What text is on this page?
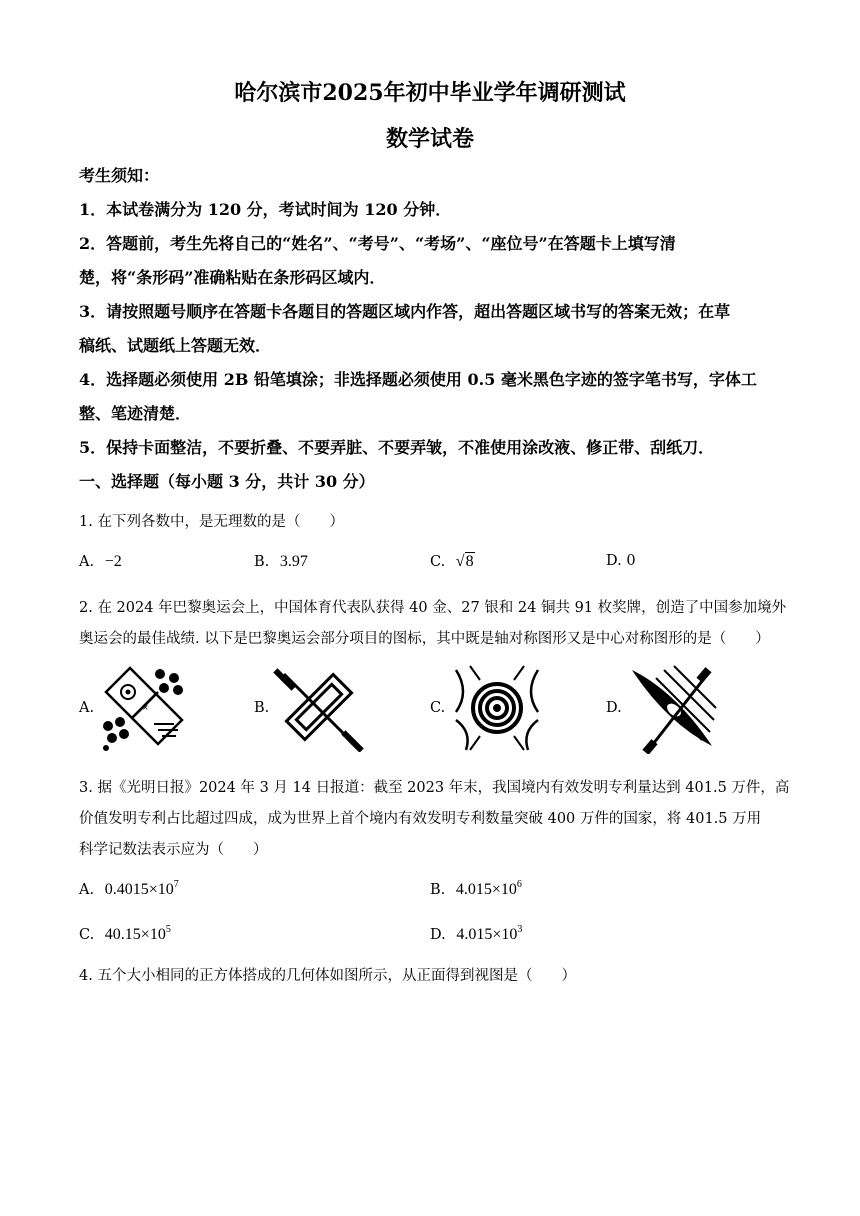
哈尔滨市2025年初中毕业学年调研测试
数学试卷
考生须知：
1．本试卷满分为 120 分，考试时间为 120 分钟．
2．答题前，考生先将自己的“姓名”、“考号”、“考场”、“座位号”在答题卡上填写清
楚，将“条形码”准确粘贴在条形码区域内．
3．请按照题号顺序在答题卡各题目的答题区域内作答，超出答题区域书写的答案无效；在草
稿纸、试题纸上答题无效．
4．选择题必须使用 2B 铅笔填涂；非选择题必须使用 0.5 毫米黑色字迹的签字笔书写，字体工
整、笔迹清楚．
5．保持卡面整洁，不要折叠、不要弄脏、不要弄皱，不准使用涂改液、修正带、刮纸刀．
一、选择题（每小题 3 分，共计 30 分）
1. 在下列各数中，是无理数的是（　　）
A. −2	B. 3.97	C. √8	D. 0
2. 在 2024 年巴黎奥运会上，中国体育代表队获得 40 金、27 银和 24 铜共 91 枚奖牌，创造了中国参加境外
奥运会的最佳战绩. 以下是巴黎奥运会部分项目的图标，其中既是轴对称图形又是中心对称图形的是（　　）
A.	B.	C.	D.
×
3. 据《光明日报》2024 年 3 月 14 日报道：截至 2023 年末，我国境内有效发明专利量达到 401.5 万件，高
价值发明专利占比超过四成，成为世界上首个境内有效发明专利数量突破 400 万件的国家，将 401.5 万用
科学记数法表示应为（　　）
A. $0.4015\times 10^7$	B. $4.015\times 10^6$
C. $40.15\times 10^5$	D. $4.015\times 10^3$
4. 五个大小相同的正方体搭成的几何体如图所示，从正面得到视图是（　　）
